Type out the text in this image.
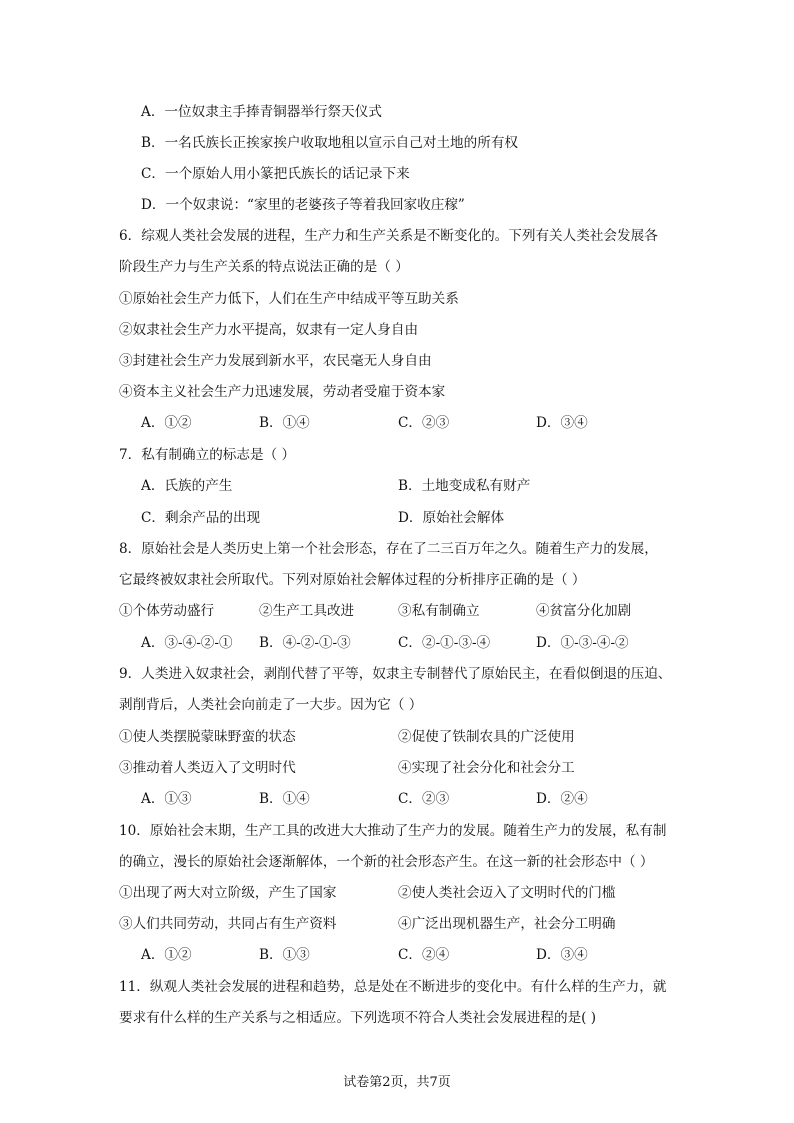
A．一位奴隶主手捧青铜器举行祭天仪式
B．一名氏族长正挨家挨户收取地租以宣示自己对土地的所有权
C．一个原始人用小篆把氏族长的话记录下来
D．一个奴隶说：“家里的老婆孩子等着我回家收庄稼”
6．综观人类社会发展的进程，生产力和生产关系是不断变化的。下列有关人类社会发展各
阶段生产力与生产关系的特点说法正确的是（ ）
①原始社会生产力低下，人们在生产中结成平等互助关系
②奴隶社会生产力水平提高，奴隶有一定人身自由
③封建社会生产力发展到新水平，农民毫无人身自由
④资本主义社会生产力迅速发展，劳动者受雇于资本家
A．①②	B．①④	C．②③	D．③④
7．私有制确立的标志是（ ）
A．氏族的产生	B．土地变成私有财产
C．剩余产品的出现	D．原始社会解体
8．原始社会是人类历史上第一个社会形态，存在了二三百万年之久。随着生产力的发展，
它最终被奴隶社会所取代。下列对原始社会解体过程的分析排序正确的是（ ）
①个体劳动盛行	②生产工具改进	③私有制确立	④贫富分化加剧
A．③-④-②-① B．④-②-①-③	C．②-①-③-④	D．①-③-④-②
9．人类进入奴隶社会，剥削代替了平等，奴隶主专制替代了原始民主，在看似倒退的压迫、
剥削背后，人类社会向前走了一大步。因为它（ ）
①使人类摆脱蒙昧野蛮的状态	②促使了铁制农具的广泛使用
③推动着人类迈入了文明时代	④实现了社会分化和社会分工
A．①③	B．①④	C．②③	D．②④
10．原始社会末期，生产工具的改进大大推动了生产力的发展。随着生产力的发展，私有制
的确立，漫长的原始社会逐渐解体，一个新的社会形态产生。在这一新的社会形态中（ ）
①出现了两大对立阶级，产生了国家	②使人类社会迈入了文明时代的门槛
③人们共同劳动，共同占有生产资料	④广泛出现机器生产，社会分工明确
A．①②	B．①③	C．②④	D．③④
11．纵观人类社会发展的进程和趋势，总是处在不断进步的变化中。有什么样的生产力，就
要求有什么样的生产关系与之相适应。下列选项不符合人类社会发展进程的是( )
试卷第2页，共7页
